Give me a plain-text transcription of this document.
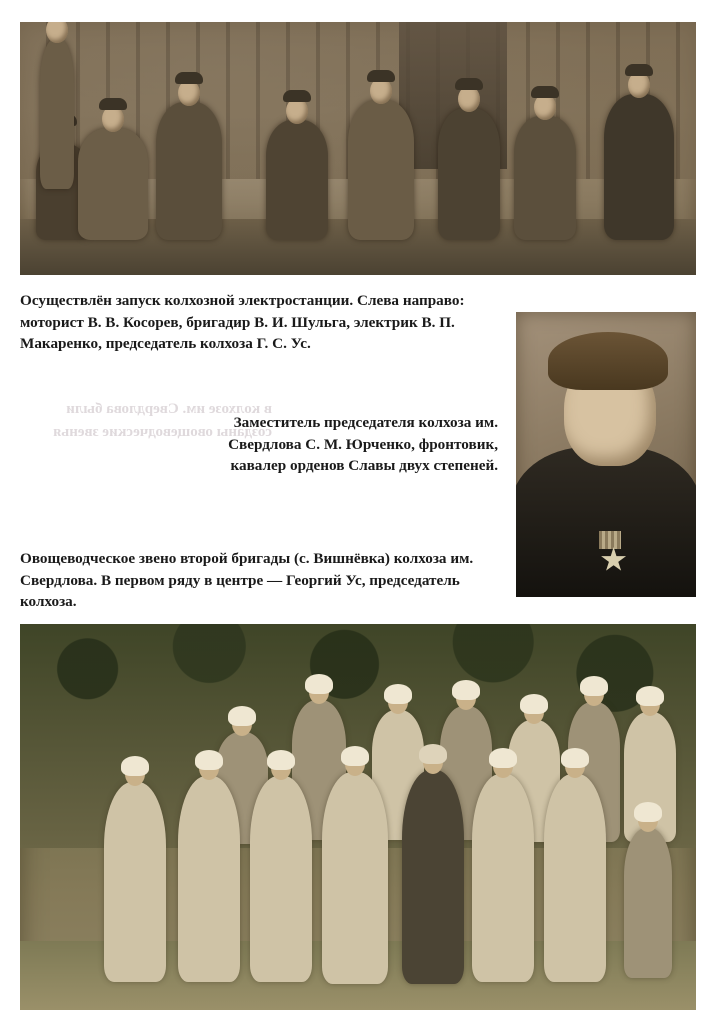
Осуществлён запуск колхозной электростанции. Слева направо: моторист В. В. Косорев, бригадир В. И. Шульга, электрик В. П. Макаренко, председатель колхоза Г. С. Ус.
в колхозе им. Свердлова были созданы овощеводческие звенья
Заместитель председателя колхоза им. Свердлова С. М. Юрченко, фронтовик, кавалер орденов Славы двух степеней.
Овощеводческое звено второй бригады (с. Вишнёвка) колхоза им. Свердлова. В первом ряду в центре — Георгий Ус, председатель колхоза.
